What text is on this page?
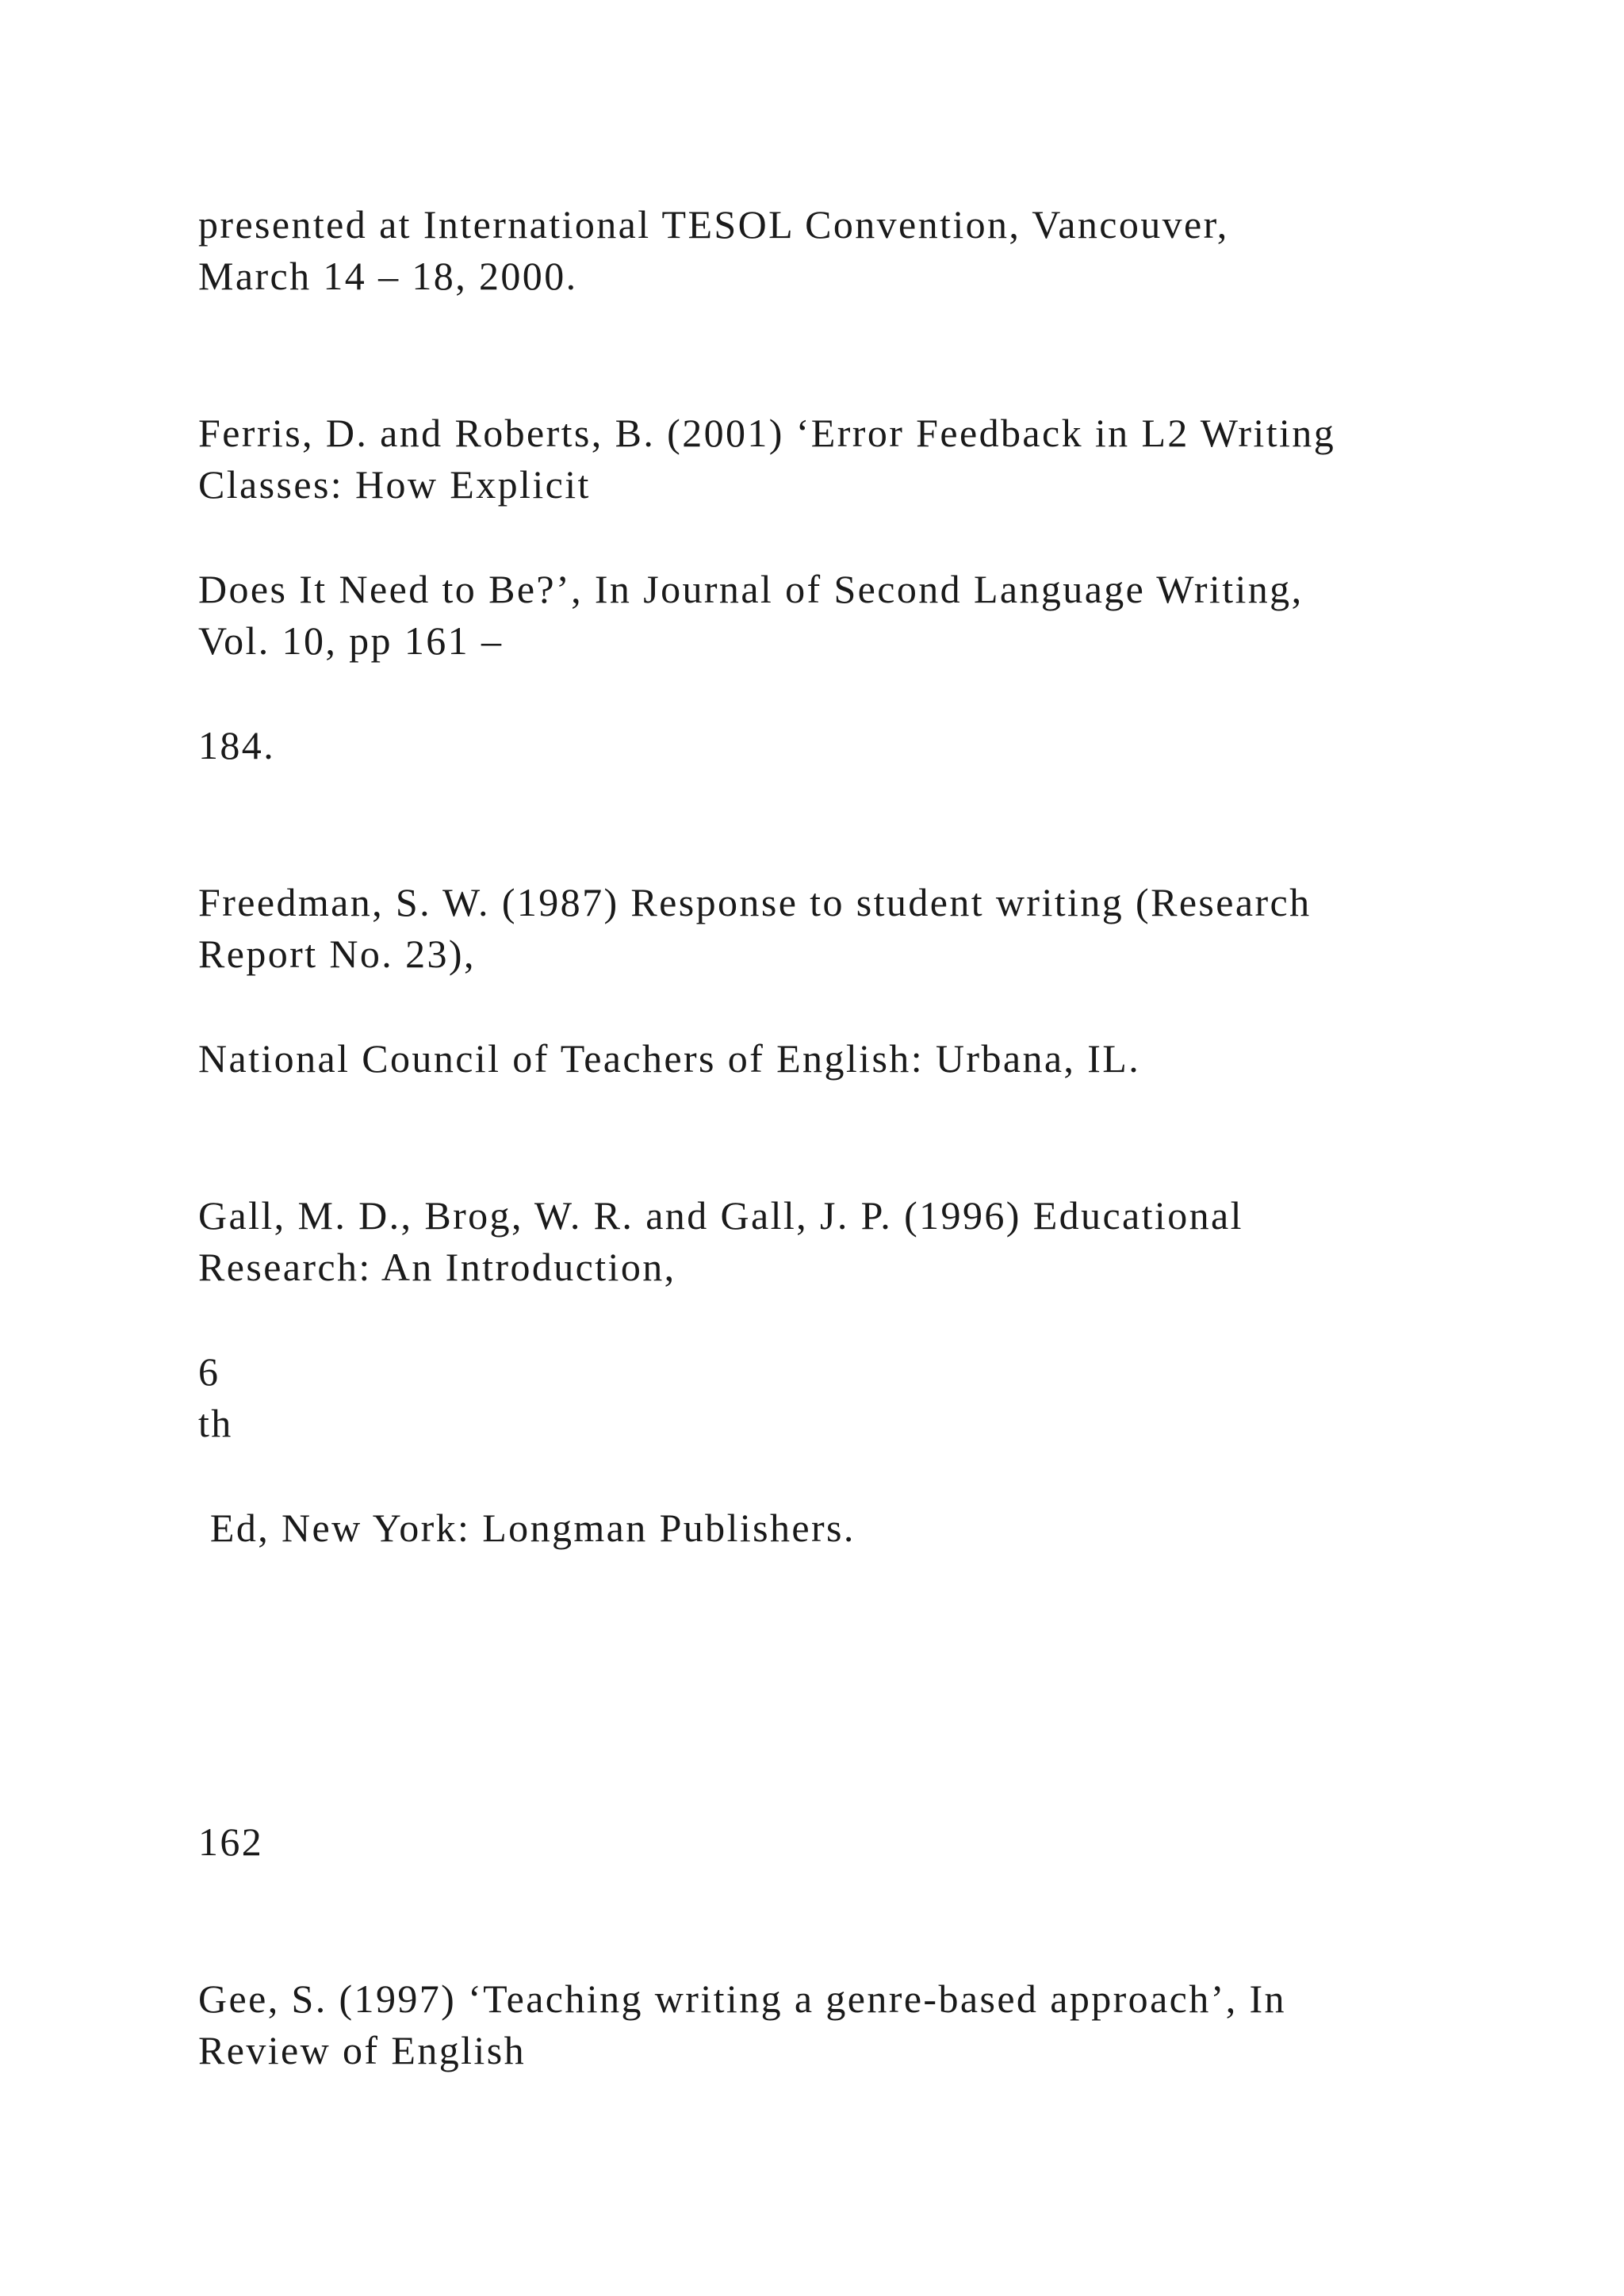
presented at International TESOL Convention, Vancouver,

March 14 – 18, 2000.

Ferris, D. and Roberts, B. (2001) ‘Error Feedback in L2 Writing

Classes: How Explicit

Does It Need to Be?’, In Journal of Second Language Writing,

Vol. 10, pp 161 –

184.

Freedman, S. W. (1987) Response to student writing (Research

Report No. 23),

National Council of Teachers of English: Urbana, IL.

Gall, M. D., Brog, W. R. and Gall, J. P. (1996) Educational

Research: An Introduction,

6

th

Ed, New York: Longman Publishers.

162

Gee, S. (1997) ‘Teaching writing a genre-based approach’, In

Review of English
